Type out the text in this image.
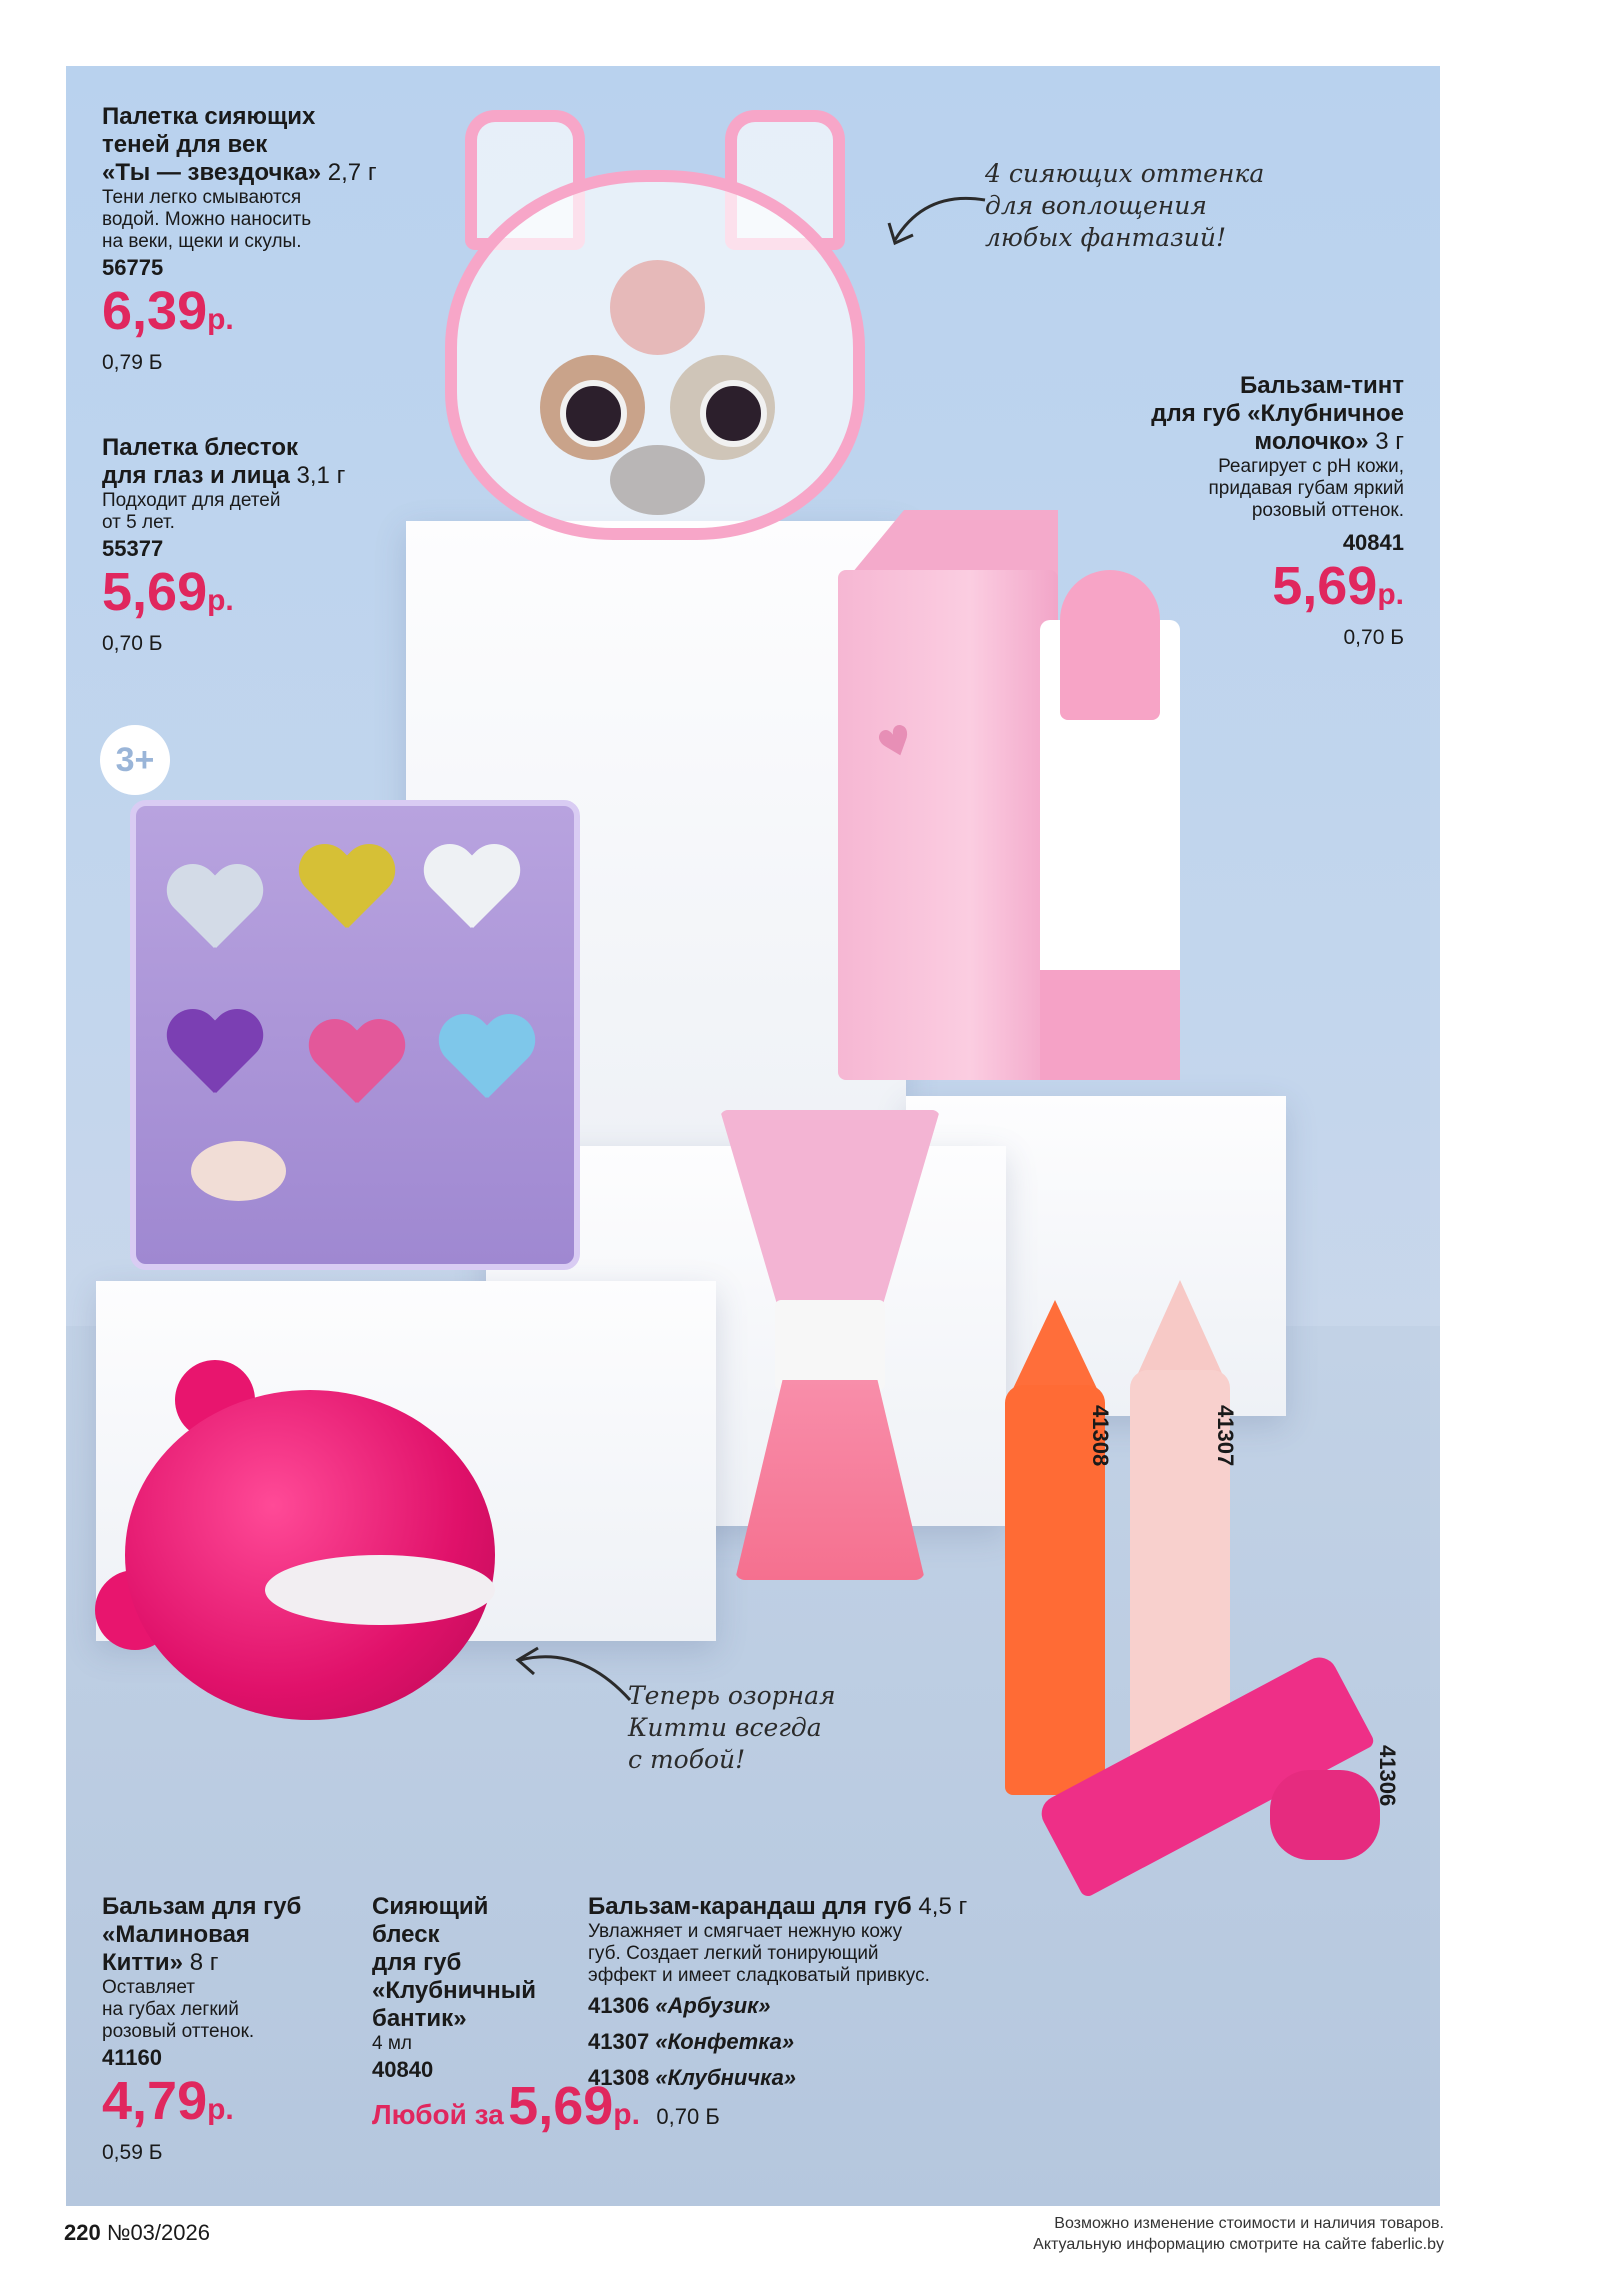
♥
41308	41307
41306
3+
Палетка сияющих
теней для век
«Ты — звездочка» 2,7 г
Тени легко смываются
водой. Можно наносить
на веки, щеки и скулы.
56775
6,39р.
0,79 Б
Палетка блесток
для глаз и лица 3,1 г
Подходит для детей
от 5 лет.
55377
5,69р.
0,70 Б
4 сияющих оттенка
для воплощения
любых фантазий!
Бальзам-тинт
для губ «Клубничное
молочко» 3 г
Реагирует с pH кожи,
придавая губам яркий
розовый оттенок.
40841
5,69р.
0,70 Б
Теперь озорная
Китти всегда
с тобой!
Бальзам для губ
«Малиновая
Китти» 8 г
Оставляет
на губах легкий
розовый оттенок.
41160
4,79р.
0,59 Б
Сияющий
блеск
для губ
«Клубничный
бантик»
4 мл
40840
Бальзам-карандаш для губ 4,5 г
Увлажняет и смягчает нежную кожу
губ. Создает легкий тонирующий
эффект и имеет сладковатый привкус.
41306 «Арбузик»
41307 «Конфетка»
41308 «Клубничка»
Любой за 5,69р. 0,70 Б
220 №03/2026	Возможно изменение стоимости и наличия товаров.
Актуальную информацию смотрите на сайте faberlic.by
